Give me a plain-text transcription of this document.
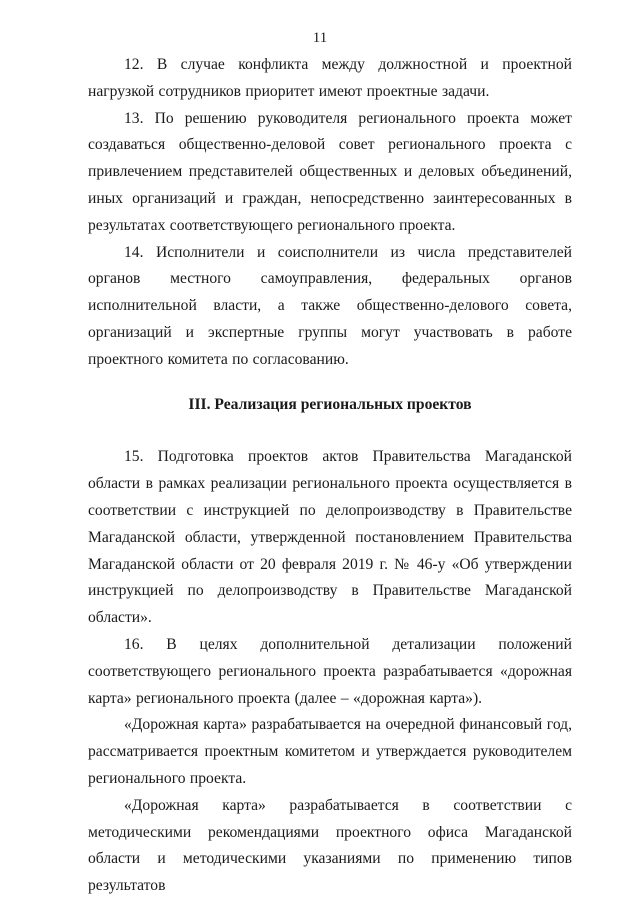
11

12. В случае конфликта между должностной и проектной нагрузкой сотрудников приоритет имеют проектные задачи.

13. По решению руководителя регионального проекта может создаваться общественно-деловой совет регионального проекта с привлечением представителей общественных и деловых объединений, иных организаций и граждан, непосредственно заинтересованных в результатах соответствующего регионального проекта.

14. Исполнители и соисполнители из числа представителей органов местного самоуправления, федеральных органов исполнительной власти, а также общественно-делового совета, организаций и экспертные группы могут участвовать в работе проектного комитета по согласованию.

III. Реализация региональных проектов

15. Подготовка проектов актов Правительства Магаданской области в рамках реализации регионального проекта осуществляется в соответствии с инструкцией по делопроизводству в Правительстве Магаданской области, утвержденной постановлением Правительства Магаданской области от 20 февраля 2019 г. № 46-у «Об утверждении инструкцией по делопроизводству в Правительстве Магаданской области».

16. В целях дополнительной детализации положений соответствующего регионального проекта разрабатывается «дорожная карта» регионального проекта (далее – «дорожная карта»).

«Дорожная карта» разрабатывается на очередной финансовый год, рассматривается проектным комитетом и утверждается руководителем регионального проекта.

«Дорожная карта» разрабатывается в соответствии с методическими рекомендациями проектного офиса Магаданской области и методическими указаниями по применению типов результатов
